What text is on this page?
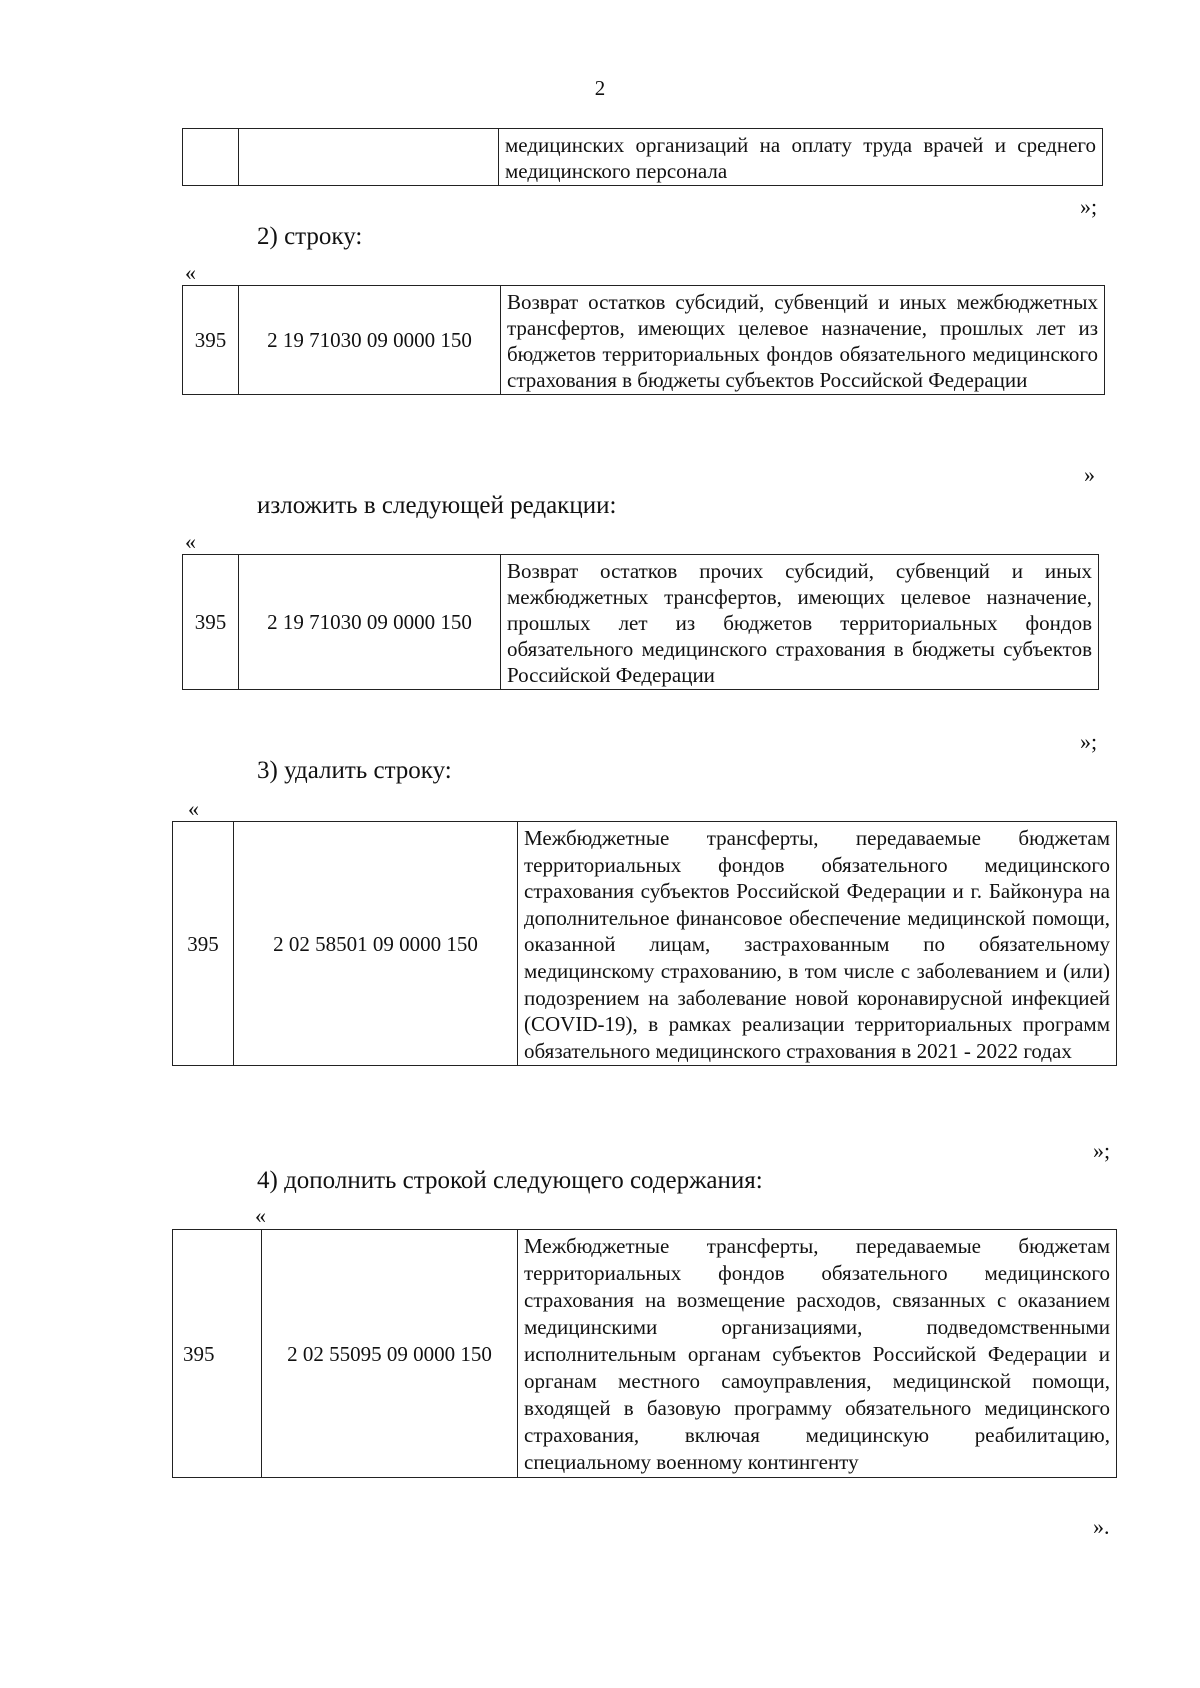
2
		медицинских организаций на оплату труда врачей и среднего медицинского персонала
»;
2) строку:
«
395	2 19 71030 09 0000 150	Возврат остатков субсидий, субвенций и иных межбюджетных трансфертов, имеющих целевое назначение, прошлых лет из бюджетов территориальных фондов обязательного медицинского страхования в бюджеты субъектов Российской Федерации
»
изложить в следующей редакции:
«
395	2 19 71030 09 0000 150	Возврат остатков прочих субсидий, субвенций и иных межбюджетных трансфертов, имеющих целевое назначение, прошлых лет из бюджетов территориальных фондов обязательного медицинского страхования в бюджеты субъектов Российской Федерации
»;
3) удалить строку:
«
395	2 02 58501 09 0000 150	Межбюджетные трансферты, передаваемые бюджетам территориальных фондов обязательного медицинского страхования субъектов Российской Федерации и г. Байконура на дополнительное финансовое обеспечение медицинской помощи, оказанной лицам, застрахованным по обязательному медицинскому страхованию, в том числе с заболеванием и (или) подозрением на заболевание новой коронавирусной инфекцией (COVID-19), в рамках реализации территориальных программ обязательного медицинского страхования в 2021 - 2022 годах
»;
4) дополнить строкой следующего содержания:
«
395	2 02 55095 09 0000 150	Межбюджетные трансферты, передаваемые бюджетам территориальных фондов обязательного медицинского страхования на возмещение расходов, связанных с оказанием медицинскими организациями, подведомственными исполнительным органам субъектов Российской Федерации и органам местного самоуправления, медицинской помощи, входящей в базовую программу обязательного медицинского страхования, включая медицинскую реабилитацию, специальному военному контингенту
».
